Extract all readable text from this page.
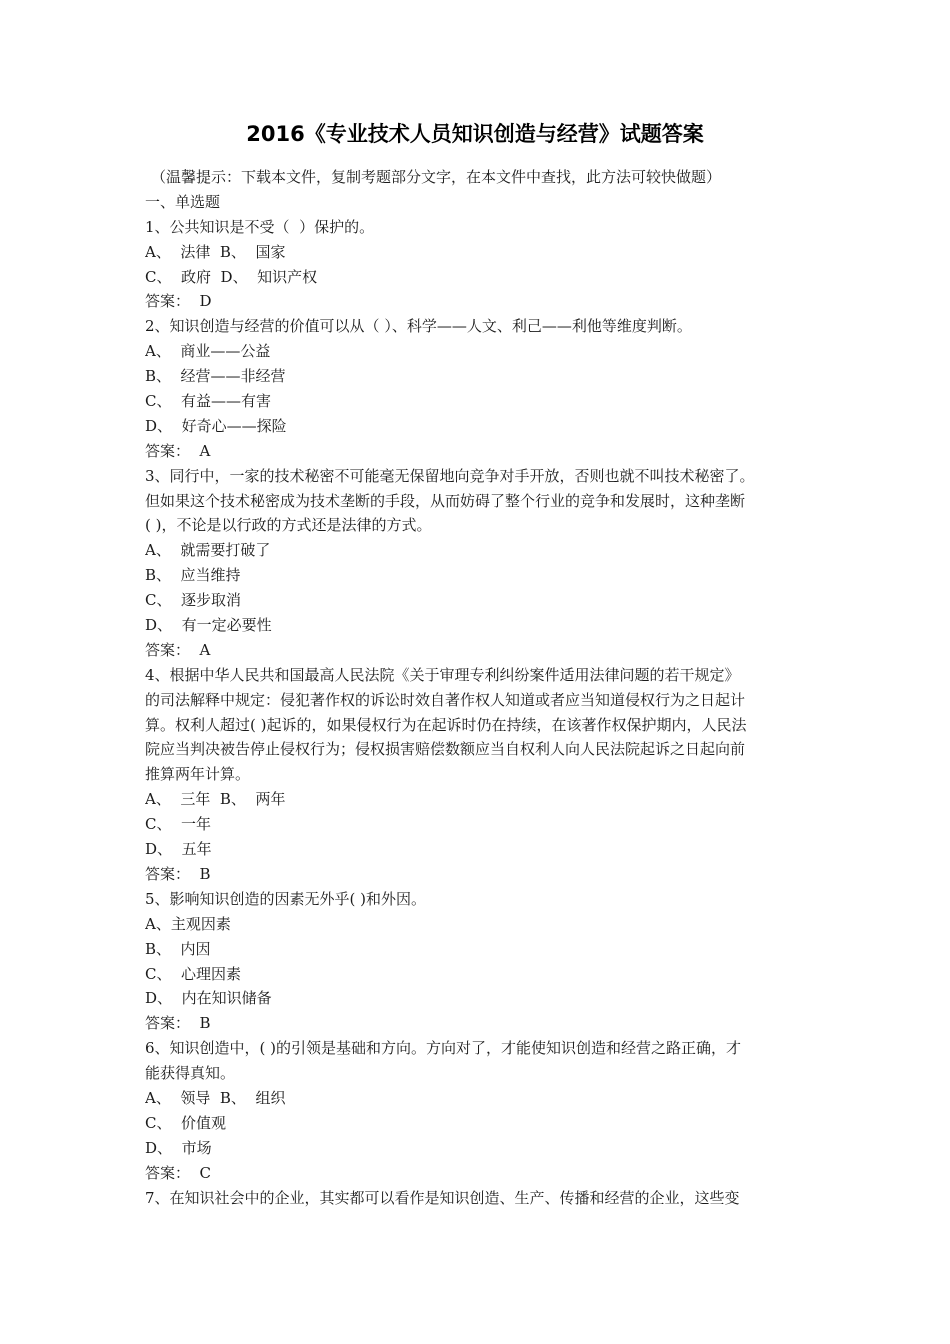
2016《专业技术人员知识创造与经营》试题答案
（温馨提示：下载本文件，复制考题部分文字，在本文件中查找，此方法可较快做题）
一、单选题
1、公共知识是不受（  ）保护的。
A、  法律  B、  国家
C、  政府  D、  知识产权
答案：  D
2、知识创造与经营的价值可以从（ ）、科学——人文、利己——利他等维度判断。
A、  商业——公益
B、  经营——非经营
C、  有益——有害
D、  好奇心——探险
答案：  A
3、同行中，一家的技术秘密不可能毫无保留地向竞争对手开放，否则也就不叫技术秘密了。
但如果这个技术秘密成为技术垄断的手段，从而妨碍了整个行业的竞争和发展时，这种垄断
( )，不论是以行政的方式还是法律的方式。
A、  就需要打破了
B、  应当维持
C、  逐步取消
D、  有一定必要性
答案：  A
4、根据中华人民共和国最高人民法院《关于审理专利纠纷案件适用法律问题的若干规定》
的司法解释中规定：侵犯著作权的诉讼时效自著作权人知道或者应当知道侵权行为之日起计
算。权利人超过( )起诉的，如果侵权行为在起诉时仍在持续，在该著作权保护期内，人民法
院应当判决被告停止侵权行为；侵权损害赔偿数额应当自权利人向人民法院起诉之日起向前
推算两年计算。
A、  三年  B、  两年
C、  一年
D、  五年
答案：  B
5、影响知识创造的因素无外乎( )和外因。
A、主观因素
B、  内因
C、  心理因素
D、  内在知识储备
答案：  B
6、知识创造中，( )的引领是基础和方向。方向对了，才能使知识创造和经营之路正确，才
能获得真知。
A、  领导  B、  组织
C、  价值观
D、  市场
答案：  C
7、在知识社会中的企业，其实都可以看作是知识创造、生产、传播和经营的企业，这些变
